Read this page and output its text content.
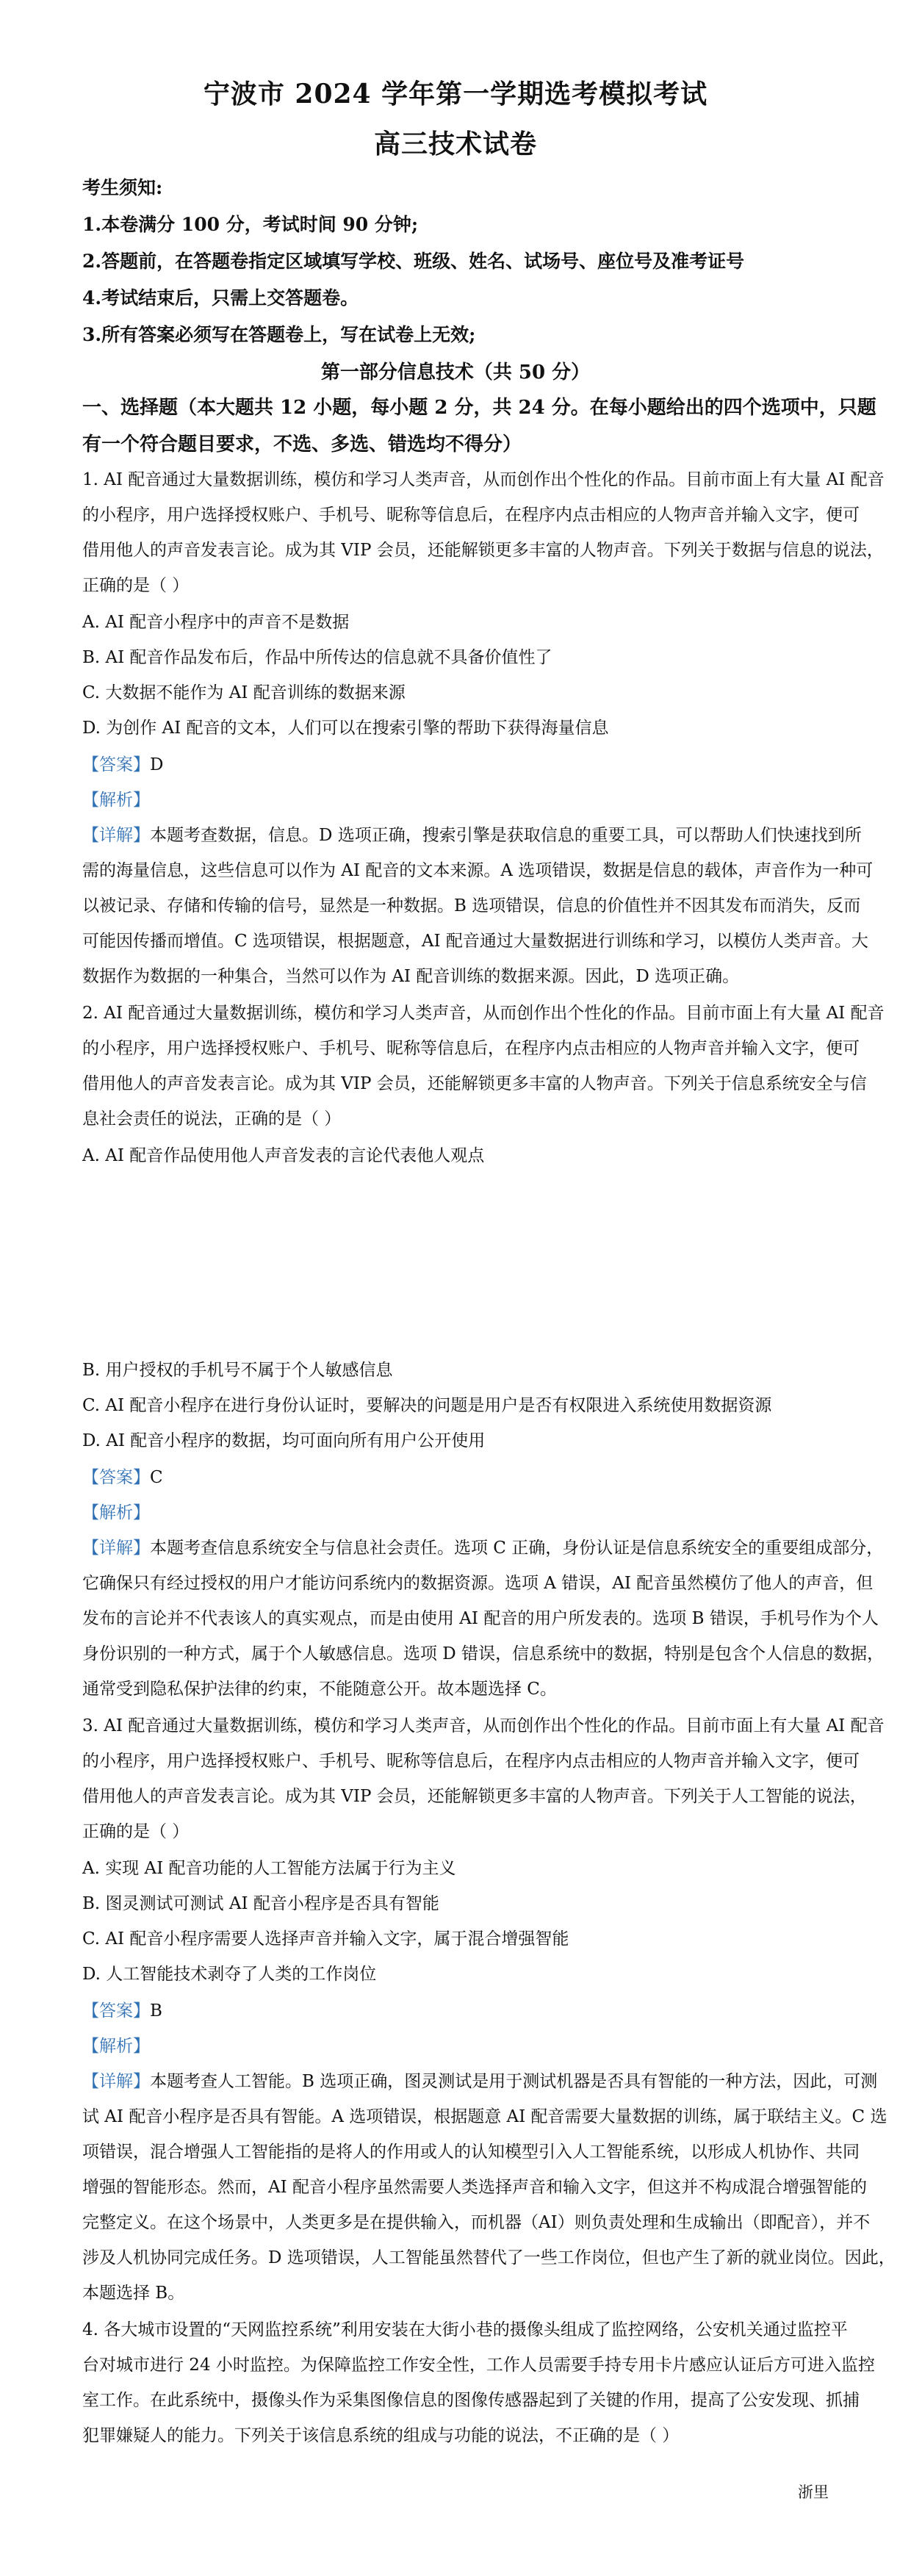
宁波市 2024 学年第一学期选考模拟考试
高三技术试卷
考生须知:
1.本卷满分 100 分，考试时间 90 分钟;
2.答题前，在答题卷指定区域填写学校、班级、姓名、试场号、座位号及准考证号
4.考试结束后，只需上交答题卷。
3.所有答案必须写在答题卷上，写在试卷上无效;
第一部分信息技术（共 50 分）
一、选择题（本大题共 12 小题，每小题 2 分，共 24 分。在每小题给出的四个选项中，只题
有一个符合题目要求，不选、多选、错选均不得分）
1. AI 配音通过大量数据训练，模仿和学习人类声音，从而创作出个性化的作品。目前市面上有大量 AI 配音
的小程序，用户选择授权账户、手机号、昵称等信息后，在程序内点击相应的人物声音并输入文字，便可
借用他人的声音发表言论。成为其 VIP 会员，还能解锁更多丰富的人物声音。下列关于数据与信息的说法，
正确的是（ ）
A. AI 配音小程序中的声音不是数据
B. AI 配音作品发布后，作品中所传达的信息就不具备价值性了
C. 大数据不能作为 AI 配音训练的数据来源
D. 为创作 AI 配音的文本，人们可以在搜索引擎的帮助下获得海量信息
【答案】D
【解析】
【详解】本题考查数据，信息。D 选项正确，搜索引擎是获取信息的重要工具，可以帮助人们快速找到所
需的海量信息，这些信息可以作为 AI 配音的文本来源。A 选项错误，数据是信息的载体，声音作为一种可
以被记录、存储和传输的信号，显然是一种数据。B 选项错误，信息的价值性并不因其发布而消失，反而
可能因传播而增值。C 选项错误，根据题意，AI 配音通过大量数据进行训练和学习，以模仿人类声音。大
数据作为数据的一种集合，当然可以作为 AI 配音训练的数据来源。因此，D 选项正确。
2. AI 配音通过大量数据训练，模仿和学习人类声音，从而创作出个性化的作品。目前市面上有大量 AI 配音
的小程序，用户选择授权账户、手机号、昵称等信息后，在程序内点击相应的人物声音并输入文字，便可
借用他人的声音发表言论。成为其 VIP 会员，还能解锁更多丰富的人物声音。下列关于信息系统安全与信
息社会责任的说法，正确的是（ ）
A. AI 配音作品使用他人声音发表的言论代表他人观点
B. 用户授权的手机号不属于个人敏感信息
C. AI 配音小程序在进行身份认证时，要解决的问题是用户是否有权限进入系统使用数据资源
D. AI 配音小程序的数据，均可面向所有用户公开使用
【答案】C
【解析】
【详解】本题考查信息系统安全与信息社会责任。选项 C 正确，身份认证是信息系统安全的重要组成部分，
它确保只有经过授权的用户才能访问系统内的数据资源。选项 A 错误，AI 配音虽然模仿了他人的声音，但
发布的言论并不代表该人的真实观点，而是由使用 AI 配音的用户所发表的。选项 B 错误，手机号作为个人
身份识别的一种方式，属于个人敏感信息。选项 D 错误，信息系统中的数据，特别是包含个人信息的数据，
通常受到隐私保护法律的约束，不能随意公开。故本题选择 C。
3. AI 配音通过大量数据训练，模仿和学习人类声音，从而创作出个性化的作品。目前市面上有大量 AI 配音
的小程序，用户选择授权账户、手机号、昵称等信息后，在程序内点击相应的人物声音并输入文字，便可
借用他人的声音发表言论。成为其 VIP 会员，还能解锁更多丰富的人物声音。下列关于人工智能的说法，
正确的是（ ）
A. 实现 AI 配音功能的人工智能方法属于行为主义
B. 图灵测试可测试 AI 配音小程序是否具有智能
C. AI 配音小程序需要人选择声音并输入文字，属于混合增强智能
D. 人工智能技术剥夺了人类的工作岗位
【答案】B
【解析】
【详解】本题考查人工智能。B 选项正确，图灵测试是用于测试机器是否具有智能的一种方法，因此，可测
试 AI 配音小程序是否具有智能。A 选项错误，根据题意 AI 配音需要大量数据的训练，属于联结主义。C 选
项错误，混合增强人工智能指的是将人的作用或人的认知模型引入人工智能系统，以形成人机协作、共同
增强的智能形态。然而，AI 配音小程序虽然需要人类选择声音和输入文字，但这并不构成混合增强智能的
完整定义。在这个场景中，人类更多是在提供输入，而机器（AI）则负责处理和生成输出（即配音），并不
涉及人机协同完成任务。D 选项错误，人工智能虽然替代了一些工作岗位，但也产生了新的就业岗位。因此，
本题选择 B。
4. 各大城市设置的“天网监控系统”利用安装在大街小巷的摄像头组成了监控网络，公安机关通过监控平
台对城市进行 24 小时监控。为保障监控工作安全性，工作人员需要手持专用卡片感应认证后方可进入监控
室工作。在此系统中，摄像头作为采集图像信息的图像传感器起到了关键的作用，提高了公安发现、抓捕
犯罪嫌疑人的能力。下列关于该信息系统的组成与功能的说法，不正确的是（ ）
浙里
